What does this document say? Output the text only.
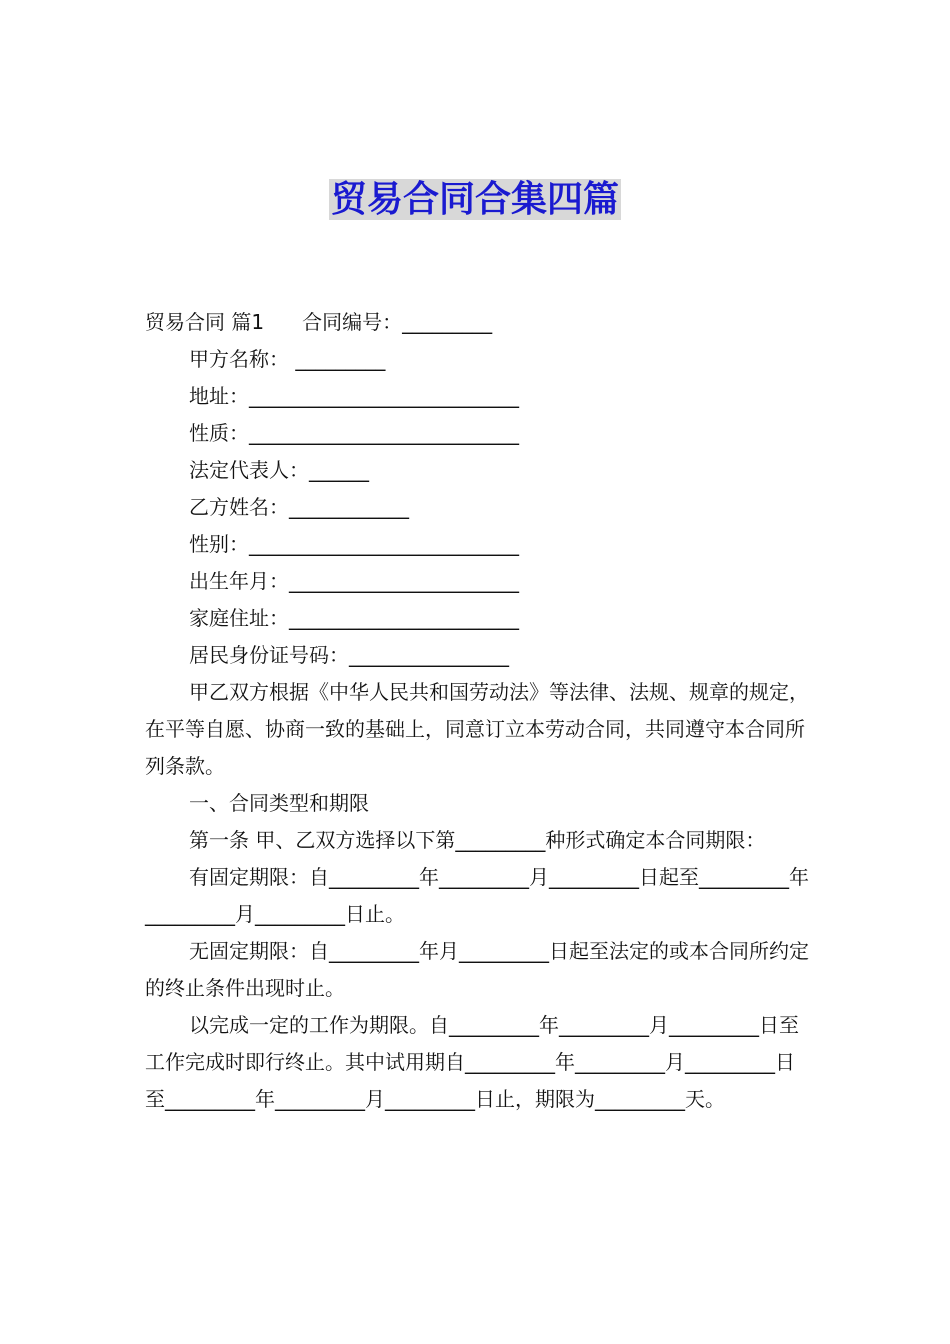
贸易合同合集四篇

贸易合同 篇1 合同编号：_________

甲方名称： _________

地址：___________________________

性质：___________________________

法定代表人：______

乙方姓名：____________

性别：___________________________

出生年月：_______________________

家庭住址：_______________________

居民身份证号码：________________

甲乙双方根据《中华人民共和国劳动法》等法律、法规、规章的规定，在平等自愿、协商一致的基础上，同意订立本劳动合同，共同遵守本合同所列条款。

一、合同类型和期限

第一条 甲、乙双方选择以下第_________种形式确定本合同期限：

有固定期限：自_________年_________月_________日起至_________年_________月_________日止。

无固定期限：自_________年月_________日起至法定的或本合同所约定的终止条件出现时止。

以完成一定的工作为期限。自_________年_________月_________日至工作完成时即行终止。其中试用期自_________年_________月_________日至_________年_________月_________日止，期限为_________天。
